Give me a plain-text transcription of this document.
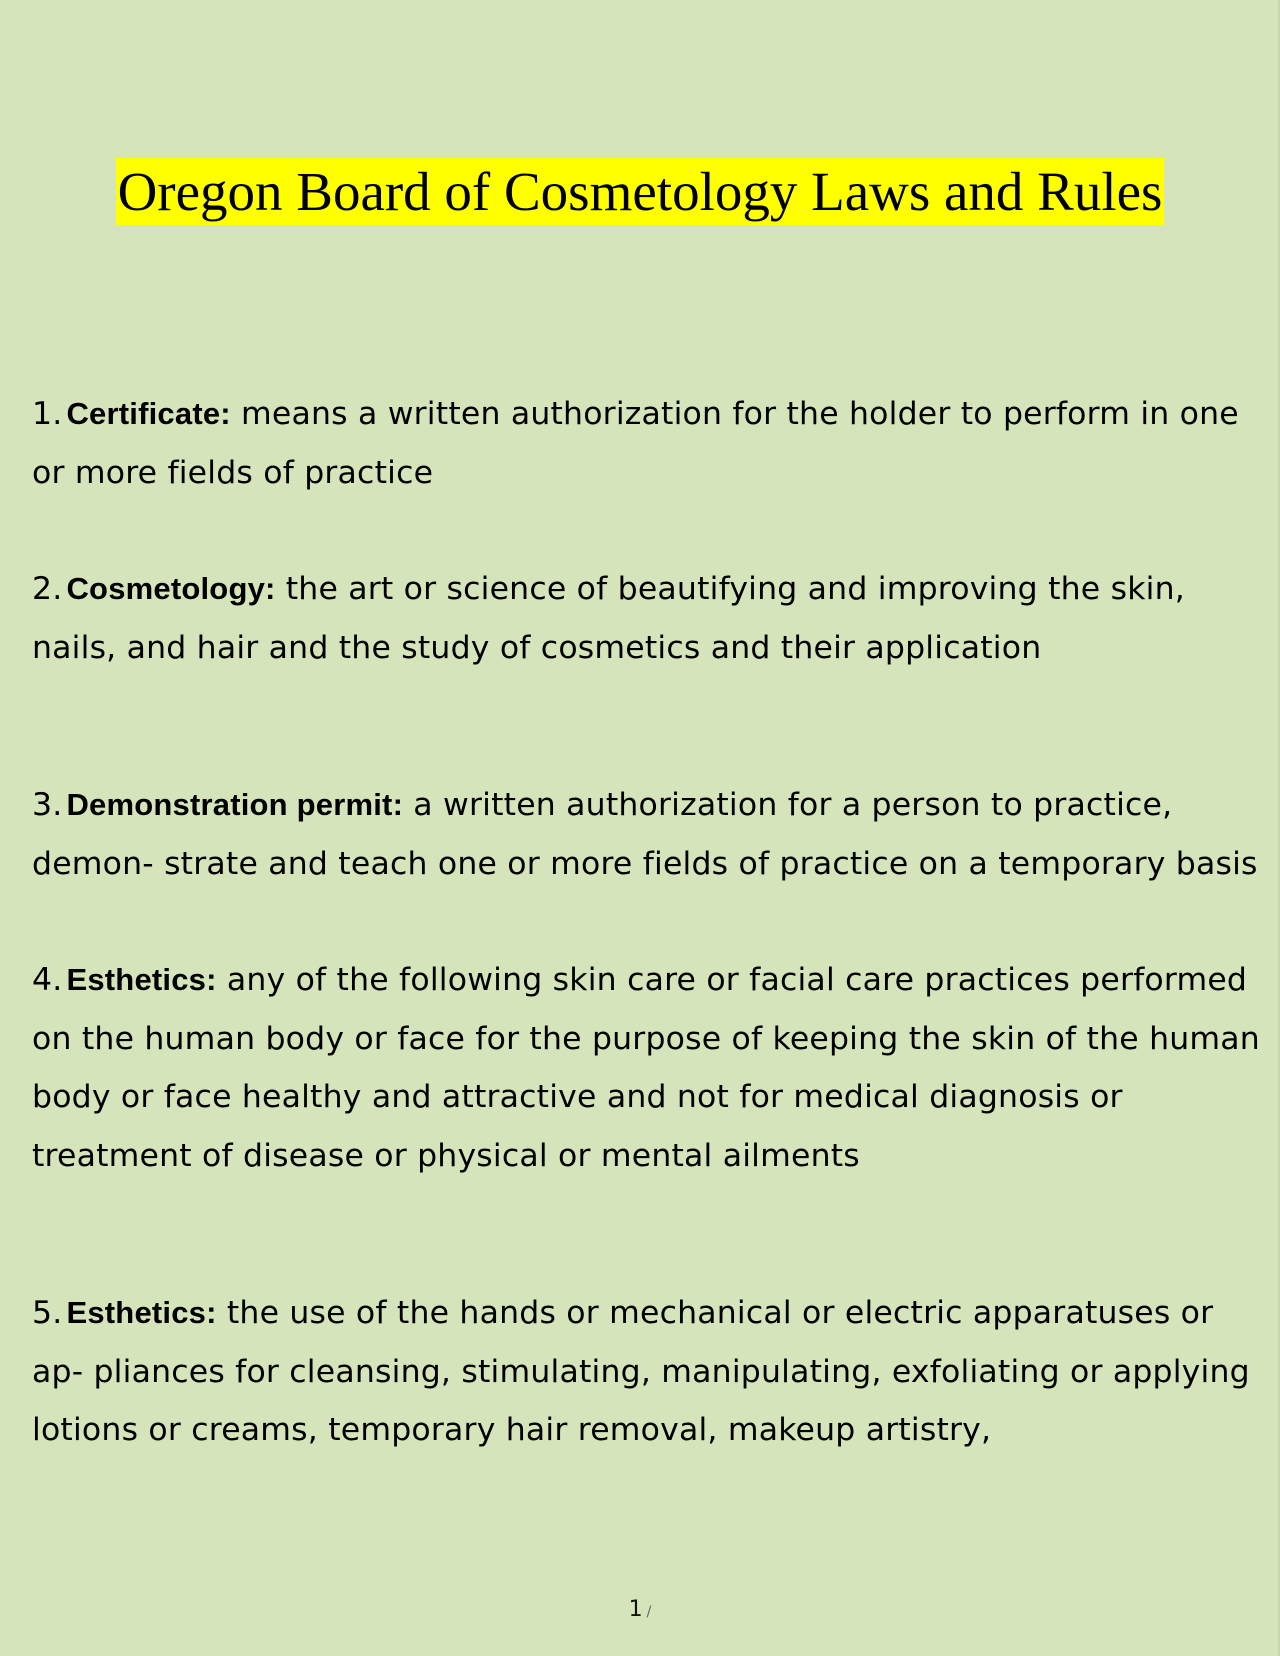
Oregon Board of Cosmetology Laws and Rules
1. Certificate: means a written authorization for the holder to perform in one or more fields of practice
2. Cosmetology: the art or science of beautifying and improving the skin, nails, and hair and the study of cosmetics and their application
3. Demonstration permit: a written authorization for a person to practice, demon- strate and teach one or more fields of practice on a temporary basis
4. Esthetics: any of the following skin care or facial care practices performed on the human body or face for the purpose of keeping the skin of the human body or face healthy and attractive and not for medical diagnosis or treatment of disease or physical or mental ailments
5. Esthetics: the use of the hands or mechanical or electric apparatuses or ap- pliances for cleansing, stimulating, manipulating, exfoliating or applying lotions or creams, temporary hair removal, makeup artistry,
1 /
